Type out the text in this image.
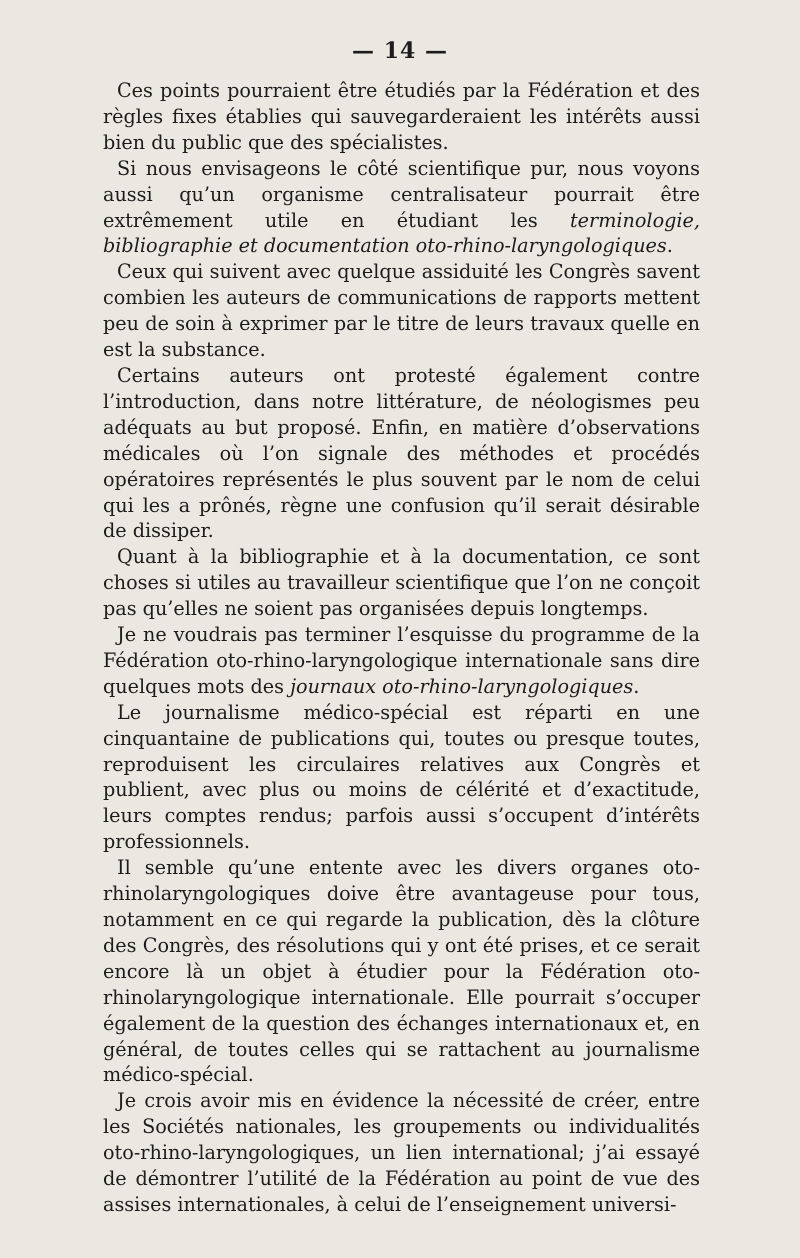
— 14 —

Ces points pourraient être étudiés par la Fédération et des règles fixes établies qui sauvegarderaient les intérêts aussi bien du public que des spécialistes.

Si nous envisageons le côté scientifique pur, nous voyons aussi qu’un organisme centralisateur pourrait être extrêmement utile en étudiant les terminologie, bibliographie et documentation oto-rhino-laryngologiques.

Ceux qui suivent avec quelque assiduité les Congrès savent combien les auteurs de communications de rapports mettent peu de soin à exprimer par le titre de leurs travaux quelle en est la substance.

Certains auteurs ont protesté également contre l’introduction, dans notre littérature, de néologismes peu adéquats au but proposé. Enfin, en matière d’observations médicales où l’on signale des méthodes et procédés opératoires représentés le plus souvent par le nom de celui qui les a prônés, règne une confusion qu’il serait désirable de dissiper.

Quant à la bibliographie et à la documentation, ce sont choses si utiles au travailleur scientifique que l’on ne conçoit pas qu’elles ne soient pas organisées depuis longtemps.

Je ne voudrais pas terminer l’esquisse du programme de la Fédération oto-rhino-laryngologique internationale sans dire quelques mots des journaux oto-rhino-laryngologiques.

Le journalisme médico-spécial est réparti en une cinquantaine de publications qui, toutes ou presque toutes, reproduisent les circulaires relatives aux Congrès et publient, avec plus ou moins de célérité et d’exactitude, leurs comptes rendus; parfois aussi s’occupent d’intérêts professionnels.

Il semble qu’une entente avec les divers organes oto-rhinolaryngologiques doive être avantageuse pour tous, notamment en ce qui regarde la publication, dès la clôture des Congrès, des résolutions qui y ont été prises, et ce serait encore là un objet à étudier pour la Fédération oto-rhinolaryngologique internationale. Elle pourrait s’occuper également de la question des échanges internationaux et, en général, de toutes celles qui se rattachent au journalisme médico-spécial.

Je crois avoir mis en évidence la nécessité de créer, entre les Sociétés nationales, les groupements ou individualités oto-rhino-laryngologiques, un lien international; j’ai essayé de démontrer l’utilité de la Fédération au point de vue des assises internationales, à celui de l’enseignement universi-
